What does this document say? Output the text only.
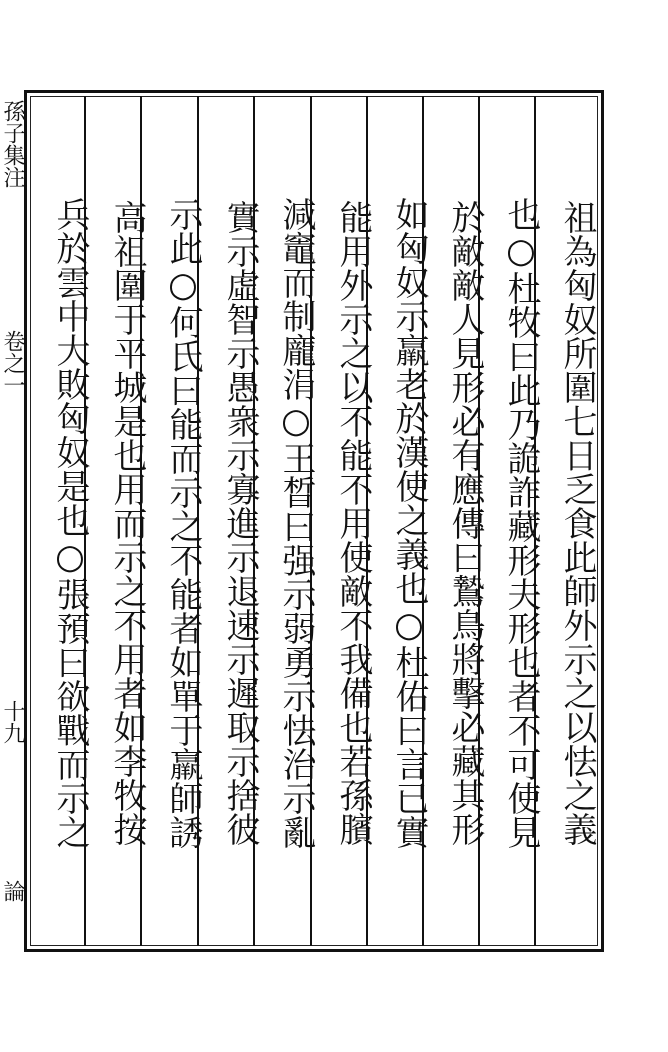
祖為匈奴所圍七日乏食此師外示之以怯之義
也○杜牧曰此乃詭詐藏形夫形也者不可使見
於敵敵人見形必有應傳曰鷙鳥將擊必藏其形
如匈奴示羸老於漢使之義也○杜佑曰言已實
能用外示之以不能不用使敵不我備也若孫臏
減竈而制龐涓○王晳曰强示弱勇示怯治示亂
實示虛智示愚衆示寡進示退速示遲取示捨彼
示此○何氏曰能而示之不能者如單于羸師誘
高祖圍于平城是也用而示之不用者如李牧按
兵於雲中大敗匈奴是也○張預曰欲戰而示之
孫子集注
卷之一
十九
論
